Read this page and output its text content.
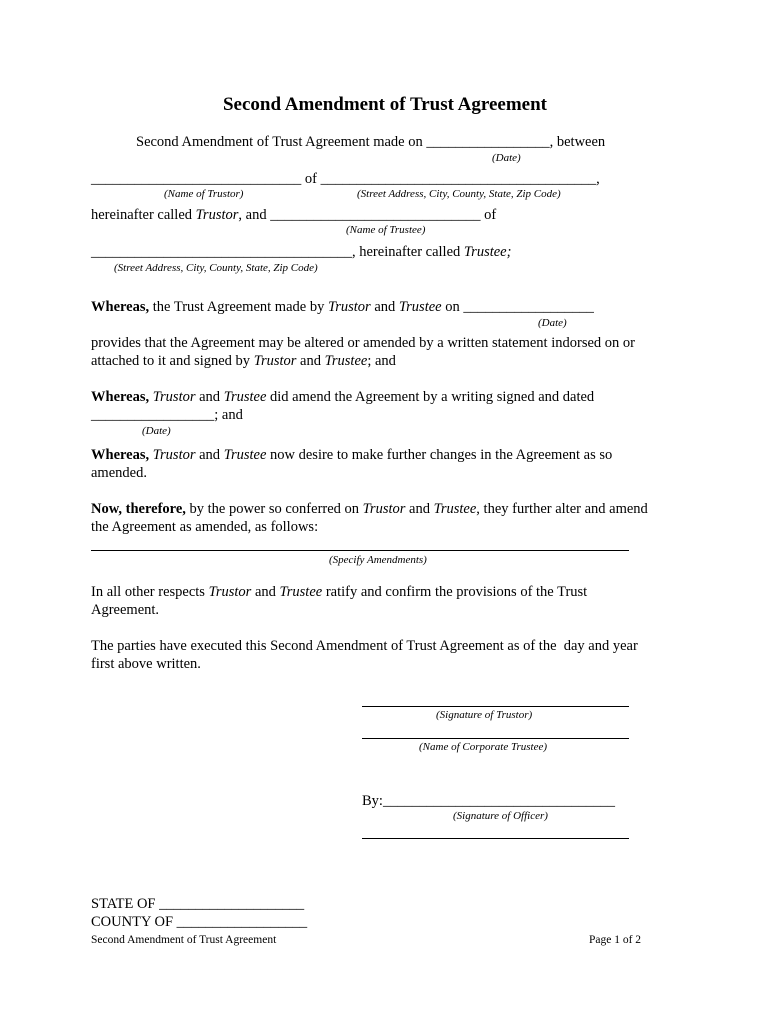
Second Amendment of Trust Agreement
Second Amendment of Trust Agreement made on _________________, between
(Date)
_____________________________ of ______________________________________,
(Name of Trustor)	(Street Address, City, County, State, Zip Code)
hereinafter called Trustor, and _____________________________ of
(Name of Trustee)
____________________________________, hereinafter called Trustee;
(Street Address, City, County, State, Zip Code)
Whereas, the Trust Agreement made by Trustor and Trustee on __________________
(Date)
provides that the Agreement may be altered or amended by a written statement indorsed on or
attached to it and signed by Trustor and Trustee; and
Whereas, Trustor and Trustee did amend the Agreement by a writing signed and dated
_________________; and
(Date)
Whereas, Trustor and Trustee now desire to make further changes in the Agreement as so
amended.
Now, therefore, by the power so conferred on Trustor and Trustee, they further alter and amend
the Agreement as amended, as follows:
(Specify Amendments)
In all other respects Trustor and Trustee ratify and confirm the provisions of the Trust
Agreement.
The parties have executed this Second Amendment of Trust Agreement as of the  day and year
first above written.
(Signature of Trustor)
(Name of Corporate Trustee)
By:________________________________
(Signature of Officer)
STATE OF ____________________
COUNTY OF __________________
Second Amendment of Trust Agreement	Page 1 of 2
